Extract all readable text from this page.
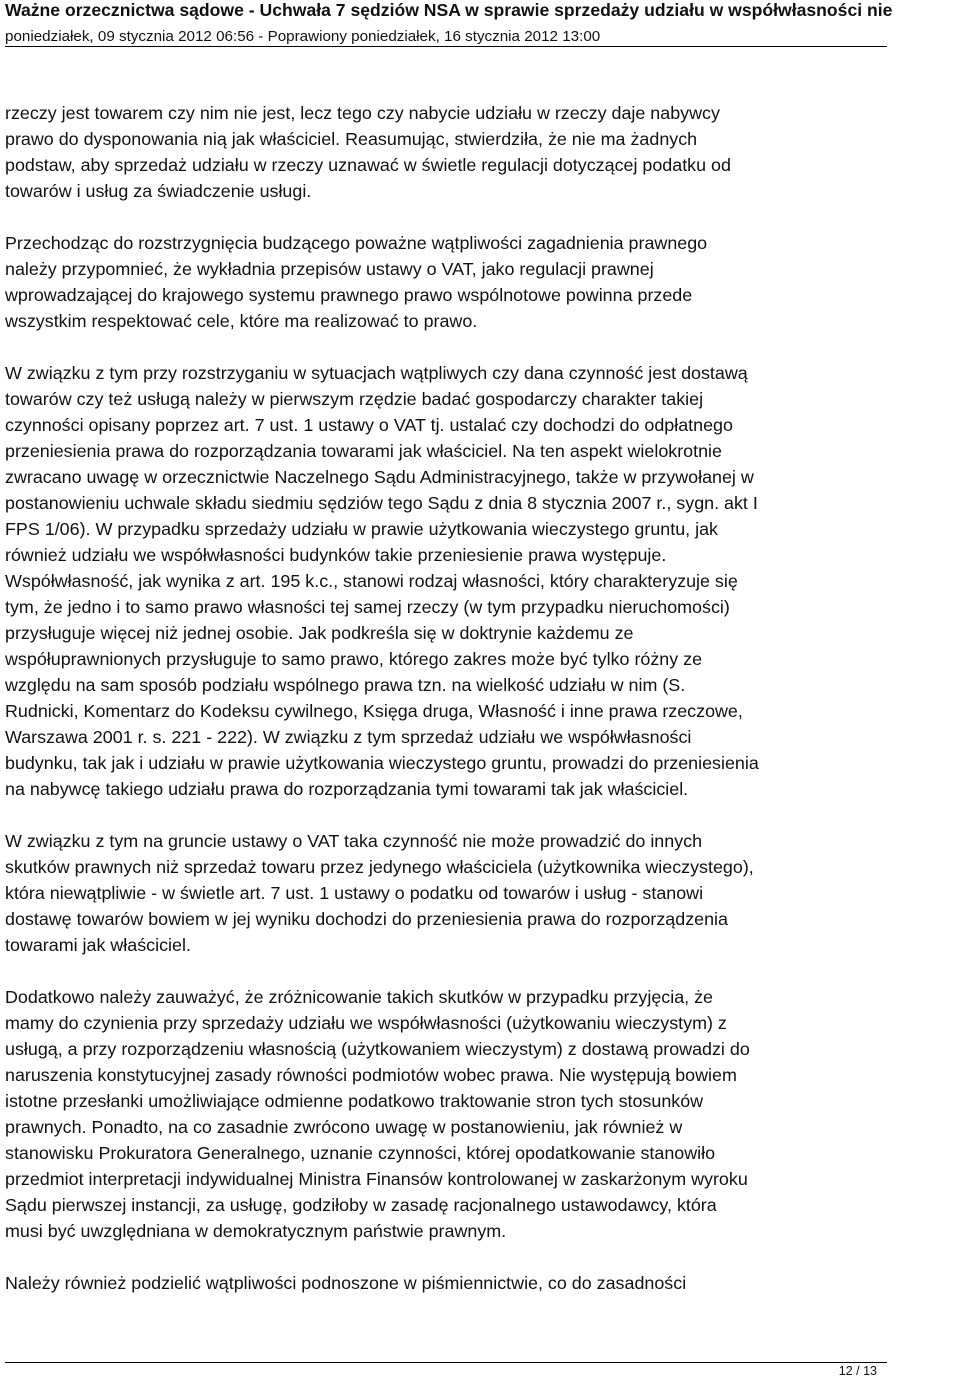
Ważne orzecznictwa sądowe - Uchwała 7 sędziów NSA w sprawie sprzedaży udziału w współwłasności nie
poniedziałek, 09 stycznia 2012 06:56 - Poprawiony poniedziałek, 16 stycznia 2012 13:00

rzeczy jest towarem czy nim nie jest, lecz tego czy nabycie udziału w rzeczy daje nabywcy
prawo do dysponowania nią jak właściciel. Reasumując, stwierdziła, że nie ma żadnych
podstaw, aby sprzedaż udziału w rzeczy uznawać w świetle regulacji dotyczącej podatku od
towarów i usług za świadczenie usługi.

Przechodząc do rozstrzygnięcia budzącego poważne wątpliwości zagadnienia prawnego
należy przypomnieć, że wykładnia przepisów ustawy o VAT, jako regulacji prawnej
wprowadzającej do krajowego systemu prawnego prawo wspólnotowe powinna przede
wszystkim respektować cele, które ma realizować to prawo.

W związku z tym przy rozstrzyganiu w sytuacjach wątpliwych czy dana czynność jest dostawą
towarów czy też usługą należy w pierwszym rzędzie badać gospodarczy charakter takiej
czynności opisany poprzez art. 7 ust. 1 ustawy o VAT tj. ustalać czy dochodzi do odpłatnego
przeniesienia prawa do rozporządzania towarami jak właściciel. Na ten aspekt wielokrotnie
zwracano uwagę w orzecznictwie Naczelnego Sądu Administracyjnego, także w przywołanej w
postanowieniu uchwale składu siedmiu sędziów tego Sądu z dnia 8 stycznia 2007 r., sygn. akt I
FPS 1/06). W przypadku sprzedaży udziału w prawie użytkowania wieczystego gruntu, jak
również udziału we współwłasności budynków takie przeniesienie prawa występuje.
Współwłasność, jak wynika z art. 195 k.c., stanowi rodzaj własności, który charakteryzuje się
tym, że jedno i to samo prawo własności tej samej rzeczy (w tym przypadku nieruchomości)
przysługuje więcej niż jednej osobie. Jak podkreśla się w doktrynie każdemu ze
współuprawnionych przysługuje to samo prawo, którego zakres może być tylko różny ze
względu na sam sposób podziału wspólnego prawa tzn. na wielkość udziału w nim (S.
Rudnicki, Komentarz do Kodeksu cywilnego, Księga druga, Własność i inne prawa rzeczowe,
Warszawa 2001 r. s. 221 - 222). W związku z tym sprzedaż udziału we współwłasności
budynku, tak jak i udziału w prawie użytkowania wieczystego gruntu, prowadzi do przeniesienia
na nabywcę takiego udziału prawa do rozporządzania tymi towarami tak jak właściciel.

W związku z tym na gruncie ustawy o VAT taka czynność nie może prowadzić do innych
skutków prawnych niż sprzedaż towaru przez jedynego właściciela (użytkownika wieczystego),
która niewątpliwie - w świetle art. 7 ust. 1 ustawy o podatku od towarów i usług - stanowi
dostawę towarów bowiem w jej wyniku dochodzi do przeniesienia prawa do rozporządzenia
towarami jak właściciel.

Dodatkowo należy zauważyć, że zróżnicowanie takich skutków w przypadku przyjęcia, że
mamy do czynienia przy sprzedaży udziału we współwłasności (użytkowaniu wieczystym) z
usługą, a przy rozporządzeniu własnością (użytkowaniem wieczystym) z dostawą prowadzi do
naruszenia konstytucyjnej zasady równości podmiotów wobec prawa. Nie występują bowiem
istotne przesłanki umożliwiające odmienne podatkowo traktowanie stron tych stosunków
prawnych. Ponadto, na co zasadnie zwrócono uwagę w postanowieniu, jak również w
stanowisku Prokuratora Generalnego, uznanie czynności, której opodatkowanie stanowiło
przedmiot interpretacji indywidualnej Ministra Finansów kontrolowanej w zaskarżonym wyroku
Sądu pierwszej instancji, za usługę, godziłoby w zasadę racjonalnego ustawodawcy, która
musi być uwzględniana w demokratycznym państwie prawnym.

Należy również podzielić wątpliwości podnoszone w piśmiennictwie, co do zasadności

12 / 13
